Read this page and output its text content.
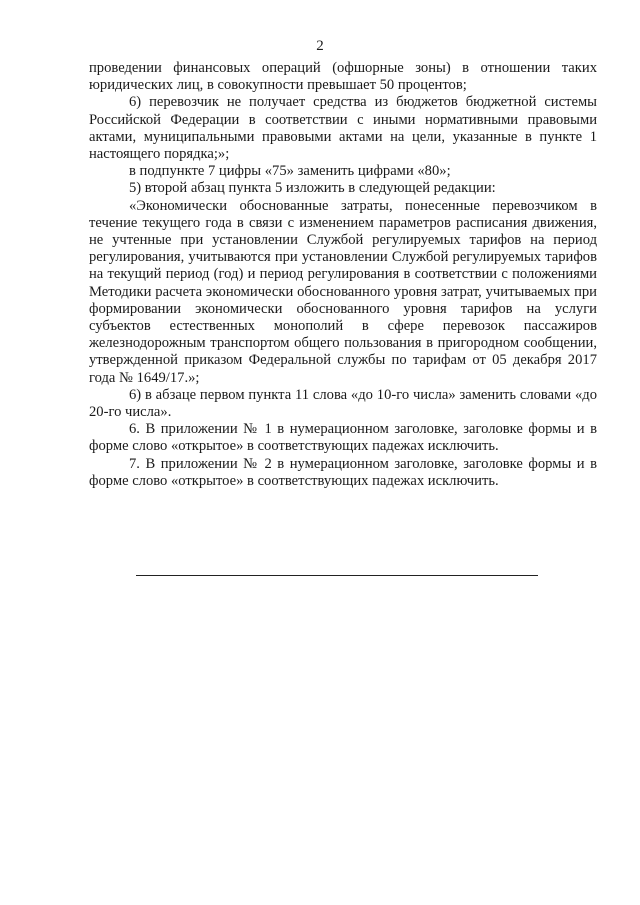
2

проведении финансовых операций (офшорные зоны) в отношении таких юридических лиц, в совокупности превышает 50 процентов;

6) перевозчик не получает средства из бюджетов бюджетной системы Российской Федерации в соответствии с иными нормативными правовыми актами, муниципальными правовыми актами на цели, указанные в пункте 1 настоящего порядка;»;

в подпункте 7 цифры «75» заменить цифрами «80»;

5) второй абзац пункта 5 изложить в следующей редакции:

«Экономически обоснованные затраты, понесенные перевозчиком в течение текущего года в связи с изменением параметров расписания движения, не учтенные при установлении Службой регулируемых тарифов на период регулирования, учитываются при установлении Службой регулируемых тарифов на текущий период (год) и период регулирования в соответствии с положениями Методики расчета экономически обоснованного уровня затрат, учитываемых при формировании экономически обоснованного уровня тарифов на услуги субъектов естественных монополий в сфере перевозок пассажиров железнодорожным транспортом общего пользования в пригородном сообщении, утвержденной приказом Федеральной службы по тарифам от 05 декабря 2017 года № 1649/17.»;

6) в абзаце первом пункта 11 слова «до 10-го числа» заменить словами «до 20-го числа».

6. В приложении № 1 в нумерационном заголовке, заголовке формы и в форме слово «открытое» в соответствующих падежах исключить.

7. В приложении № 2 в нумерационном заголовке, заголовке формы и в форме слово «открытое» в соответствующих падежах исключить.
